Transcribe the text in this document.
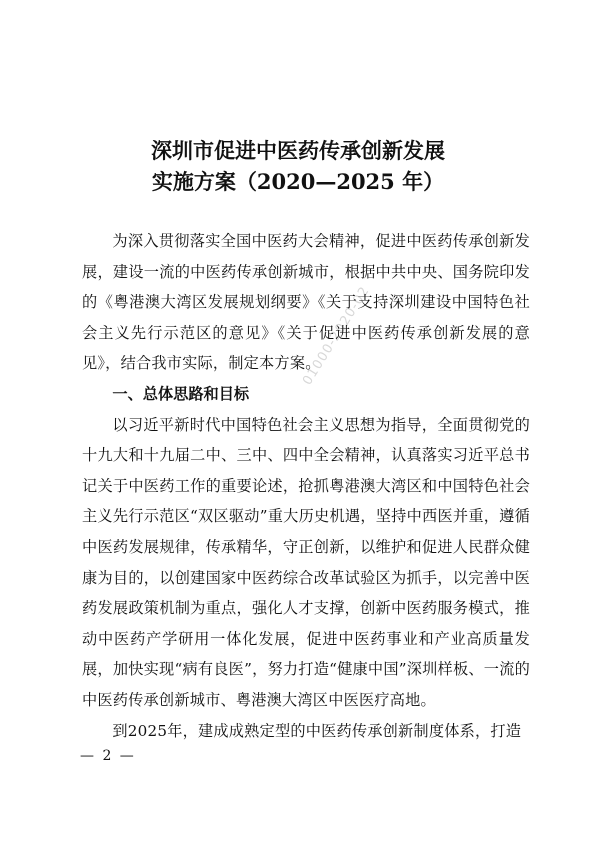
01000-2020-02
深圳市促进中医药传承创新发展
实施方案（2020—2025 年）

为深入贯彻落实全国中医药大会精神，促进中医药传承创新发展，建设一流的中医药传承创新城市，根据中共中央、国务院印发的《粤港澳大湾区发展规划纲要》《关于支持深圳建设中国特色社会主义先行示范区的意见》《关于促进中医药传承创新发展的意见》，结合我市实际，制定本方案。

一、总体思路和目标

以习近平新时代中国特色社会主义思想为指导，全面贯彻党的十九大和十九届二中、三中、四中全会精神，认真落实习近平总书记关于中医药工作的重要论述，抢抓粤港澳大湾区和中国特色社会主义先行示范区“双区驱动”重大历史机遇，坚持中西医并重，遵循中医药发展规律，传承精华，守正创新，以维护和促进人民群众健康为目的，以创建国家中医药综合改革试验区为抓手，以完善中医药发展政策机制为重点，强化人才支撑，创新中医药服务模式，推动中医药产学研用一体化发展，促进中医药事业和产业高质量发展，加快实现“病有良医”，努力打造“健康中国”深圳样板、一流的中医药传承创新城市、粤港澳大湾区中医医疗高地。

到2025年，建成成熟定型的中医药传承创新制度体系，打造

— 2 —
